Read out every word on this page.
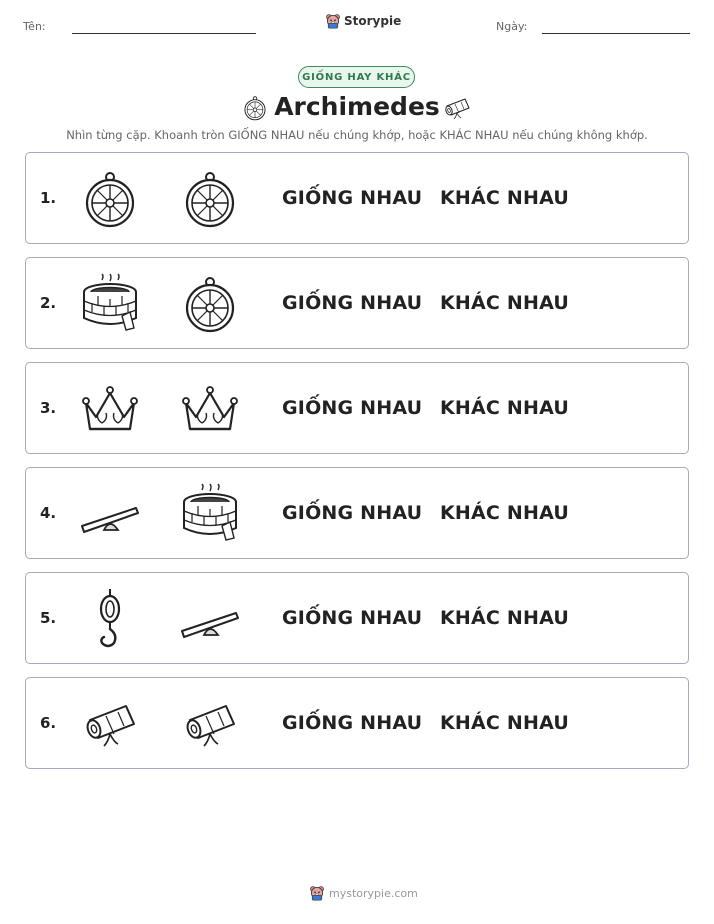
Tên:	Storypie	Ngày:
GIỐNG HAY KHÁC
Archimedes
Nhìn từng cặp. Khoanh tròn GIỐNG NHAU nếu chúng khớp, hoặc KHÁC NHAU nếu chúng không khớp.
1.	GIỐNG NHAU KHÁC NHAU
2.	GIỐNG NHAU KHÁC NHAU
3.	GIỐNG NHAU KHÁC NHAU
4.	GIỐNG NHAU KHÁC NHAU
5.	GIỐNG NHAU KHÁC NHAU
6.	GIỐNG NHAU KHÁC NHAU
mystorypie.com
